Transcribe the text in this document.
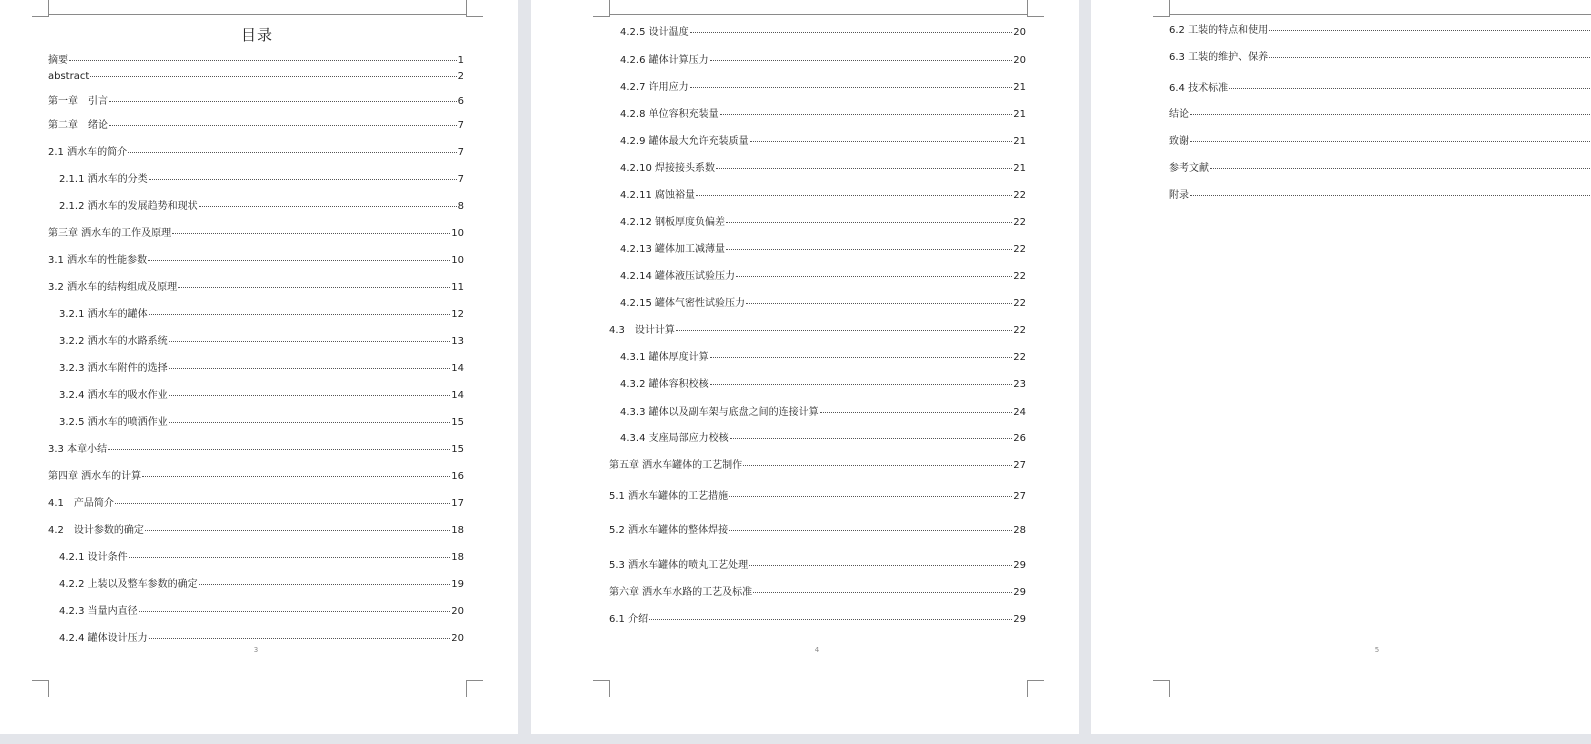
目录
摘要	1
abstract	2
第一章　引言	6
第二章　绪论	7
2.1 洒水车的简介	7
2.1.1 洒水车的分类	7
2.1.2 洒水车的发展趋势和现状	8
第三章 洒水车的工作及原理	10
3.1 洒水车的性能参数	10
3.2 洒水车的结构组成及原理	11
3.2.1 洒水车的罐体	12
3.2.2 洒水车的水路系统	13
3.2.3 洒水车附件的选择	14
3.2.4 洒水车的吸水作业	14
3.2.5 洒水车的喷洒作业	15
3.3 本章小结	15
第四章 洒水车的计算	16
4.1　产品简介	17
4.2　设计参数的确定	18
4.2.1 设计条件	18
4.2.2 上装以及整车参数的确定	19
4.2.3 当量内直径	20
4.2.4 罐体设计压力	20
3
4.2.5 设计温度	20
4.2.6 罐体计算压力	20
4.2.7 许用应力	21
4.2.8 单位容积充装量	21
4.2.9 罐体最大允许充装质量	21
4.2.10 焊接接头系数	21
4.2.11 腐蚀裕量	22
4.2.12 钢板厚度负偏差	22
4.2.13 罐体加工减薄量	22
4.2.14 罐体液压试验压力	22
4.2.15 罐体气密性试验压力	22
4.3　设计计算	22
4.3.1 罐体厚度计算	22
4.3.2 罐体容积校核	23
4.3.3 罐体以及副车架与底盘之间的连接计算	24
4.3.4 支座局部应力校核	26
第五章 洒水车罐体的工艺制作	27
5.1 洒水车罐体的工艺措施	27
5.2 洒水车罐体的整体焊接	28
5.3 洒水车罐体的喷丸工艺处理	29
第六章 洒水车水路的工艺及标准	29
6.1 介绍	29
4
6.2 工装的特点和使用
6.3 工装的维护、保养
6.4 技术标准
结论
致谢
参考文献
附录
5
